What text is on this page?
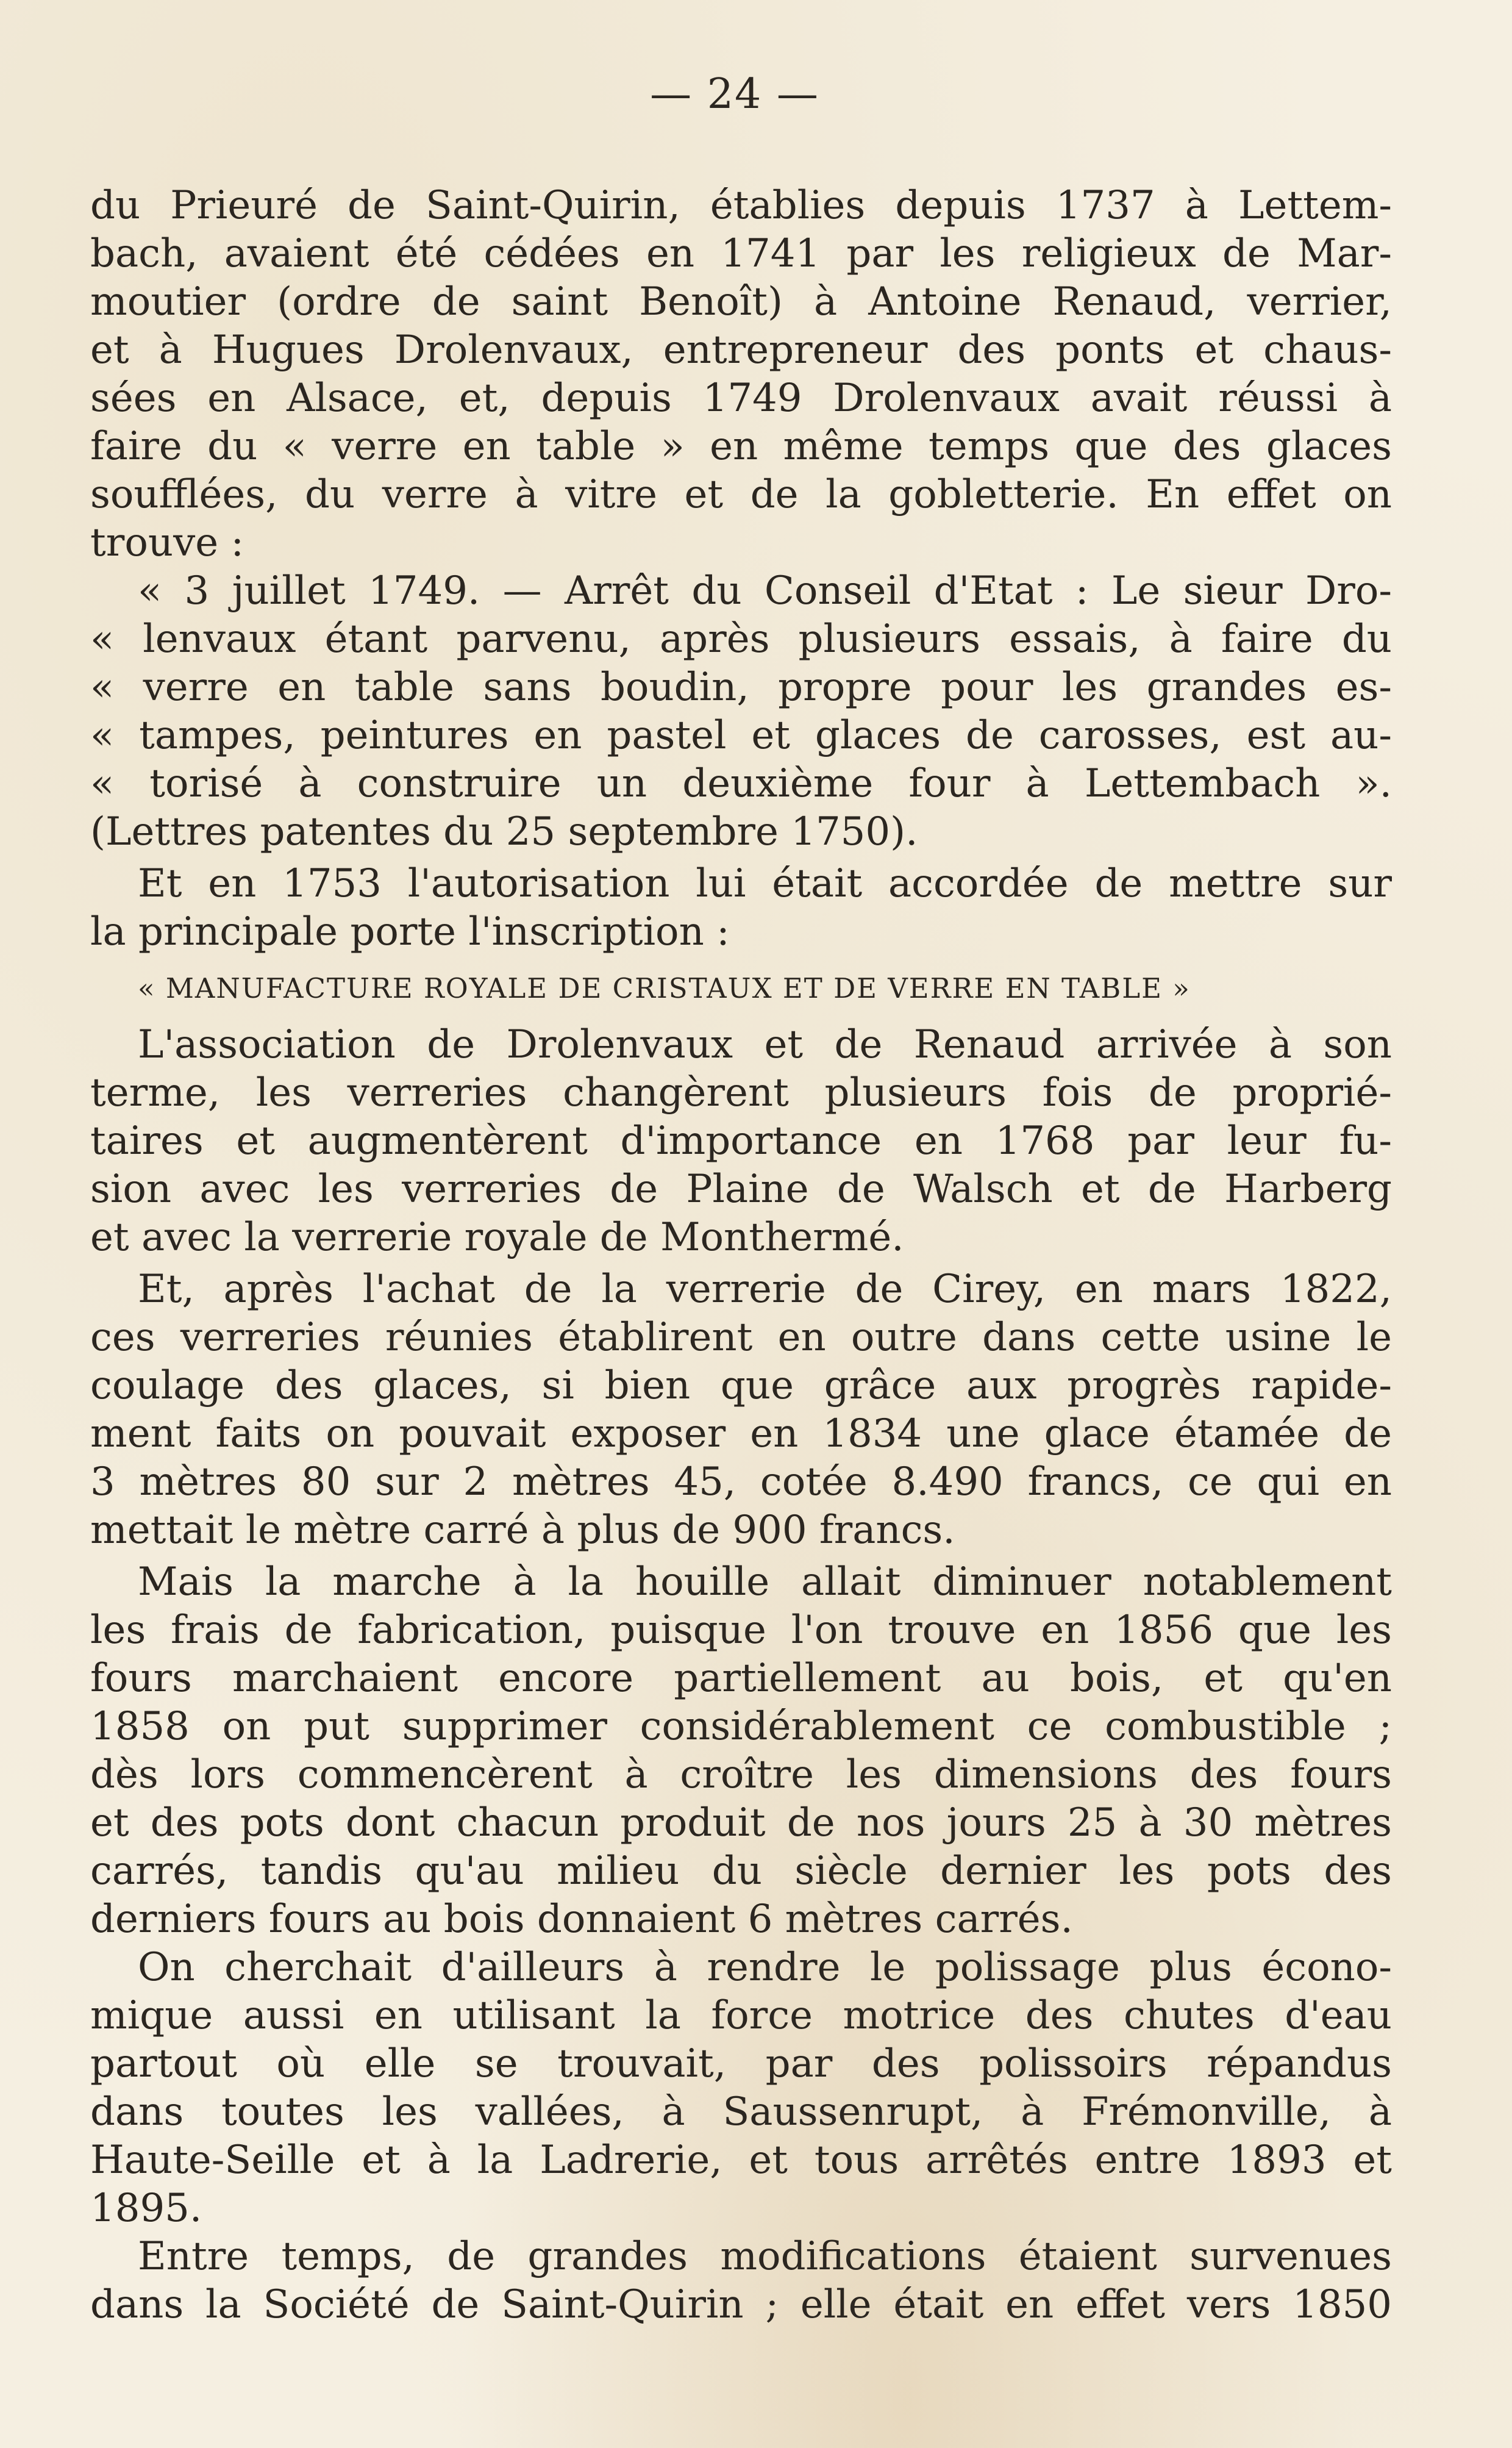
— 24 —
du Prieuré de Saint-Quirin, établies depuis 1737 à Lettem-
bach, avaient été cédées en 1741 par les religieux de Mar-
moutier (ordre de saint Benoît) à Antoine Renaud, verrier,
et à Hugues Drolenvaux, entrepreneur des ponts et chaus-
sées en Alsace, et, depuis 1749 Drolenvaux avait réussi à
faire du « verre en table » en même temps que des glaces
soufflées, du verre à vitre et de la gobletterie. En effet on
trouve :
« 3 juillet 1749. — Arrêt du Conseil d'Etat : Le sieur Dro-
« lenvaux étant parvenu, après plusieurs essais, à faire du
« verre en table sans boudin, propre pour les grandes es-
« tampes, peintures en pastel et glaces de carosses, est au-
« torisé à construire un deuxième four à Lettembach ».
(Lettres patentes du 25 septembre 1750).
Et en 1753 l'autorisation lui était accordée de mettre sur
la principale porte l'inscription :
« MANUFACTURE ROYALE DE CRISTAUX ET DE VERRE EN TABLE »
L'association de Drolenvaux et de Renaud arrivée à son
terme, les verreries changèrent plusieurs fois de proprié-
taires et augmentèrent d'importance en 1768 par leur fu-
sion avec les verreries de Plaine de Walsch et de Harberg
et avec la verrerie royale de Monthermé.
Et, après l'achat de la verrerie de Cirey, en mars 1822,
ces verreries réunies établirent en outre dans cette usine le
coulage des glaces, si bien que grâce aux progrès rapide-
ment faits on pouvait exposer en 1834 une glace étamée de
3 mètres 80 sur 2 mètres 45, cotée 8.490 francs, ce qui en
mettait le mètre carré à plus de 900 francs.
Mais la marche à la houille allait diminuer notablement
les frais de fabrication, puisque l'on trouve en 1856 que les
fours marchaient encore partiellement au bois, et qu'en
1858 on put supprimer considérablement ce combustible ;
dès lors commencèrent à croître les dimensions des fours
et des pots dont chacun produit de nos jours 25 à 30 mètres
carrés, tandis qu'au milieu du siècle dernier les pots des
derniers fours au bois donnaient 6 mètres carrés.
On cherchait d'ailleurs à rendre le polissage plus écono-
mique aussi en utilisant la force motrice des chutes d'eau
partout où elle se trouvait, par des polissoirs répandus
dans toutes les vallées, à Saussenrupt, à Frémonville, à
Haute-Seille et à la Ladrerie, et tous arrêtés entre 1893 et
1895.
Entre temps, de grandes modifications étaient survenues
dans la Société de Saint-Quirin ; elle était en effet vers 1850
